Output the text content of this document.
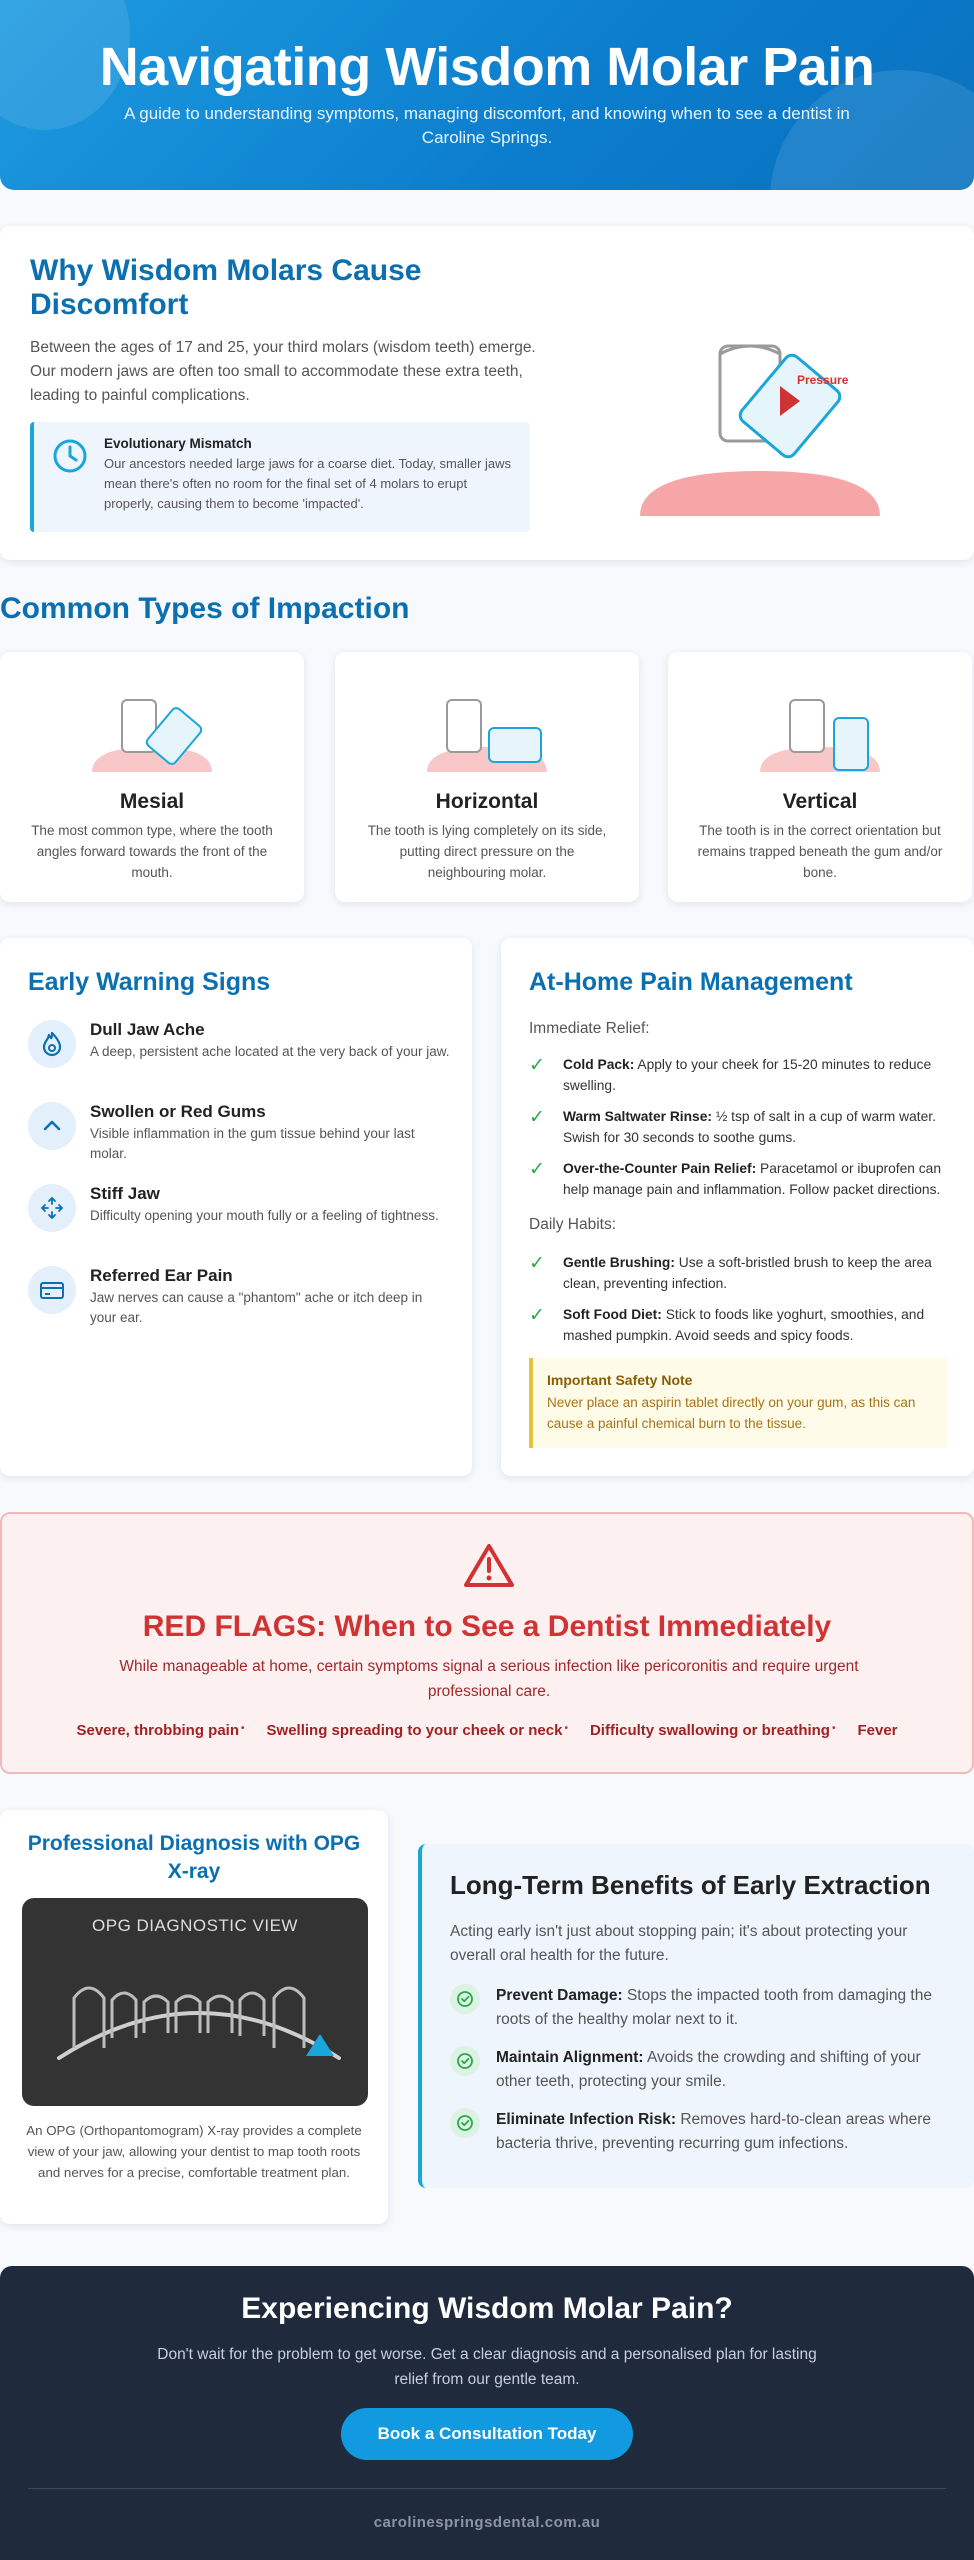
Navigating Wisdom Molar Pain

A guide to understanding symptoms, managing discomfort, and knowing when to see a dentist in Caroline Springs.

Why Wisdom Molars Cause Discomfort

Between the ages of 17 and 25, your third molars (wisdom teeth) emerge. Our modern jaws are often too small to accommodate these extra teeth, leading to painful complications.

Evolutionary Mismatch
Our ancestors needed large jaws for a coarse diet. Today, smaller jaws mean there's often no room for the final set of 4 molars to erupt properly, causing them to become 'impacted'.
Pressure
Common Types of Impaction
Mesial

The most common type, where the tooth angles forward towards the front of the mouth.

Horizontal

The tooth is lying completely on its side, putting direct pressure on the neighbouring molar.

Vertical

The tooth is in the correct orientation but remains trapped beneath the gum and/or bone.

Early Warning Signs
Dull Jaw Ache
A deep, persistent ache located at the very back of your jaw.
Swollen or Red Gums
Visible inflammation in the gum tissue behind your last molar.
Stiff Jaw
Difficulty opening your mouth fully or a feeling of tightness.
Referred Ear Pain
Jaw nerves can cause a "phantom" ache or itch deep in your ear.
At-Home Pain Management
Immediate Relief:
✓ Cold Pack: Apply to your cheek for 15-20 minutes to reduce swelling.
✓ Warm Saltwater Rinse: ½ tsp of salt in a cup of warm water. Swish for 30 seconds to soothe gums.
✓ Over-the-Counter Pain Relief: Paracetamol or ibuprofen can help manage pain and inflammation. Follow packet directions.
Daily Habits:
✓ Gentle Brushing: Use a soft-bristled brush to keep the area clean, preventing infection.
✓ Soft Food Diet: Stick to foods like yoghurt, smoothies, and mashed pumpkin. Avoid seeds and spicy foods.
Important Safety Note
Never place an aspirin tablet directly on your gum, as this can cause a painful chemical burn to the tissue.
RED FLAGS: When to See a Dentist Immediately

While manageable at home, certain symptoms signal a serious infection like pericoronitis and require urgent professional care.

Severe, throbbing pain • Swelling spreading to your cheek or neck • Difficulty swallowing or breathing • Fever
Professional Diagnosis with OPG X-ray
OPG DIAGNOSTIC VIEW

An OPG (Orthopantomogram) X-ray provides a complete view of your jaw, allowing your dentist to map tooth roots and nerves for a precise, comfortable treatment plan.

Long-Term Benefits of Early Extraction

Acting early isn't just about stopping pain; it's about protecting your overall oral health for the future.

Prevent Damage: Stops the impacted tooth from damaging the roots of the healthy molar next to it.
Maintain Alignment: Avoids the crowding and shifting of your other teeth, protecting your smile.
Eliminate Infection Risk: Removes hard-to-clean areas where bacteria thrive, preventing recurring gum infections.
Experiencing Wisdom Molar Pain?

Don't wait for the problem to get worse. Get a clear diagnosis and a personalised plan for lasting relief from our gentle team.

Book a Consultation Today
carolinespringsdental.com.au
